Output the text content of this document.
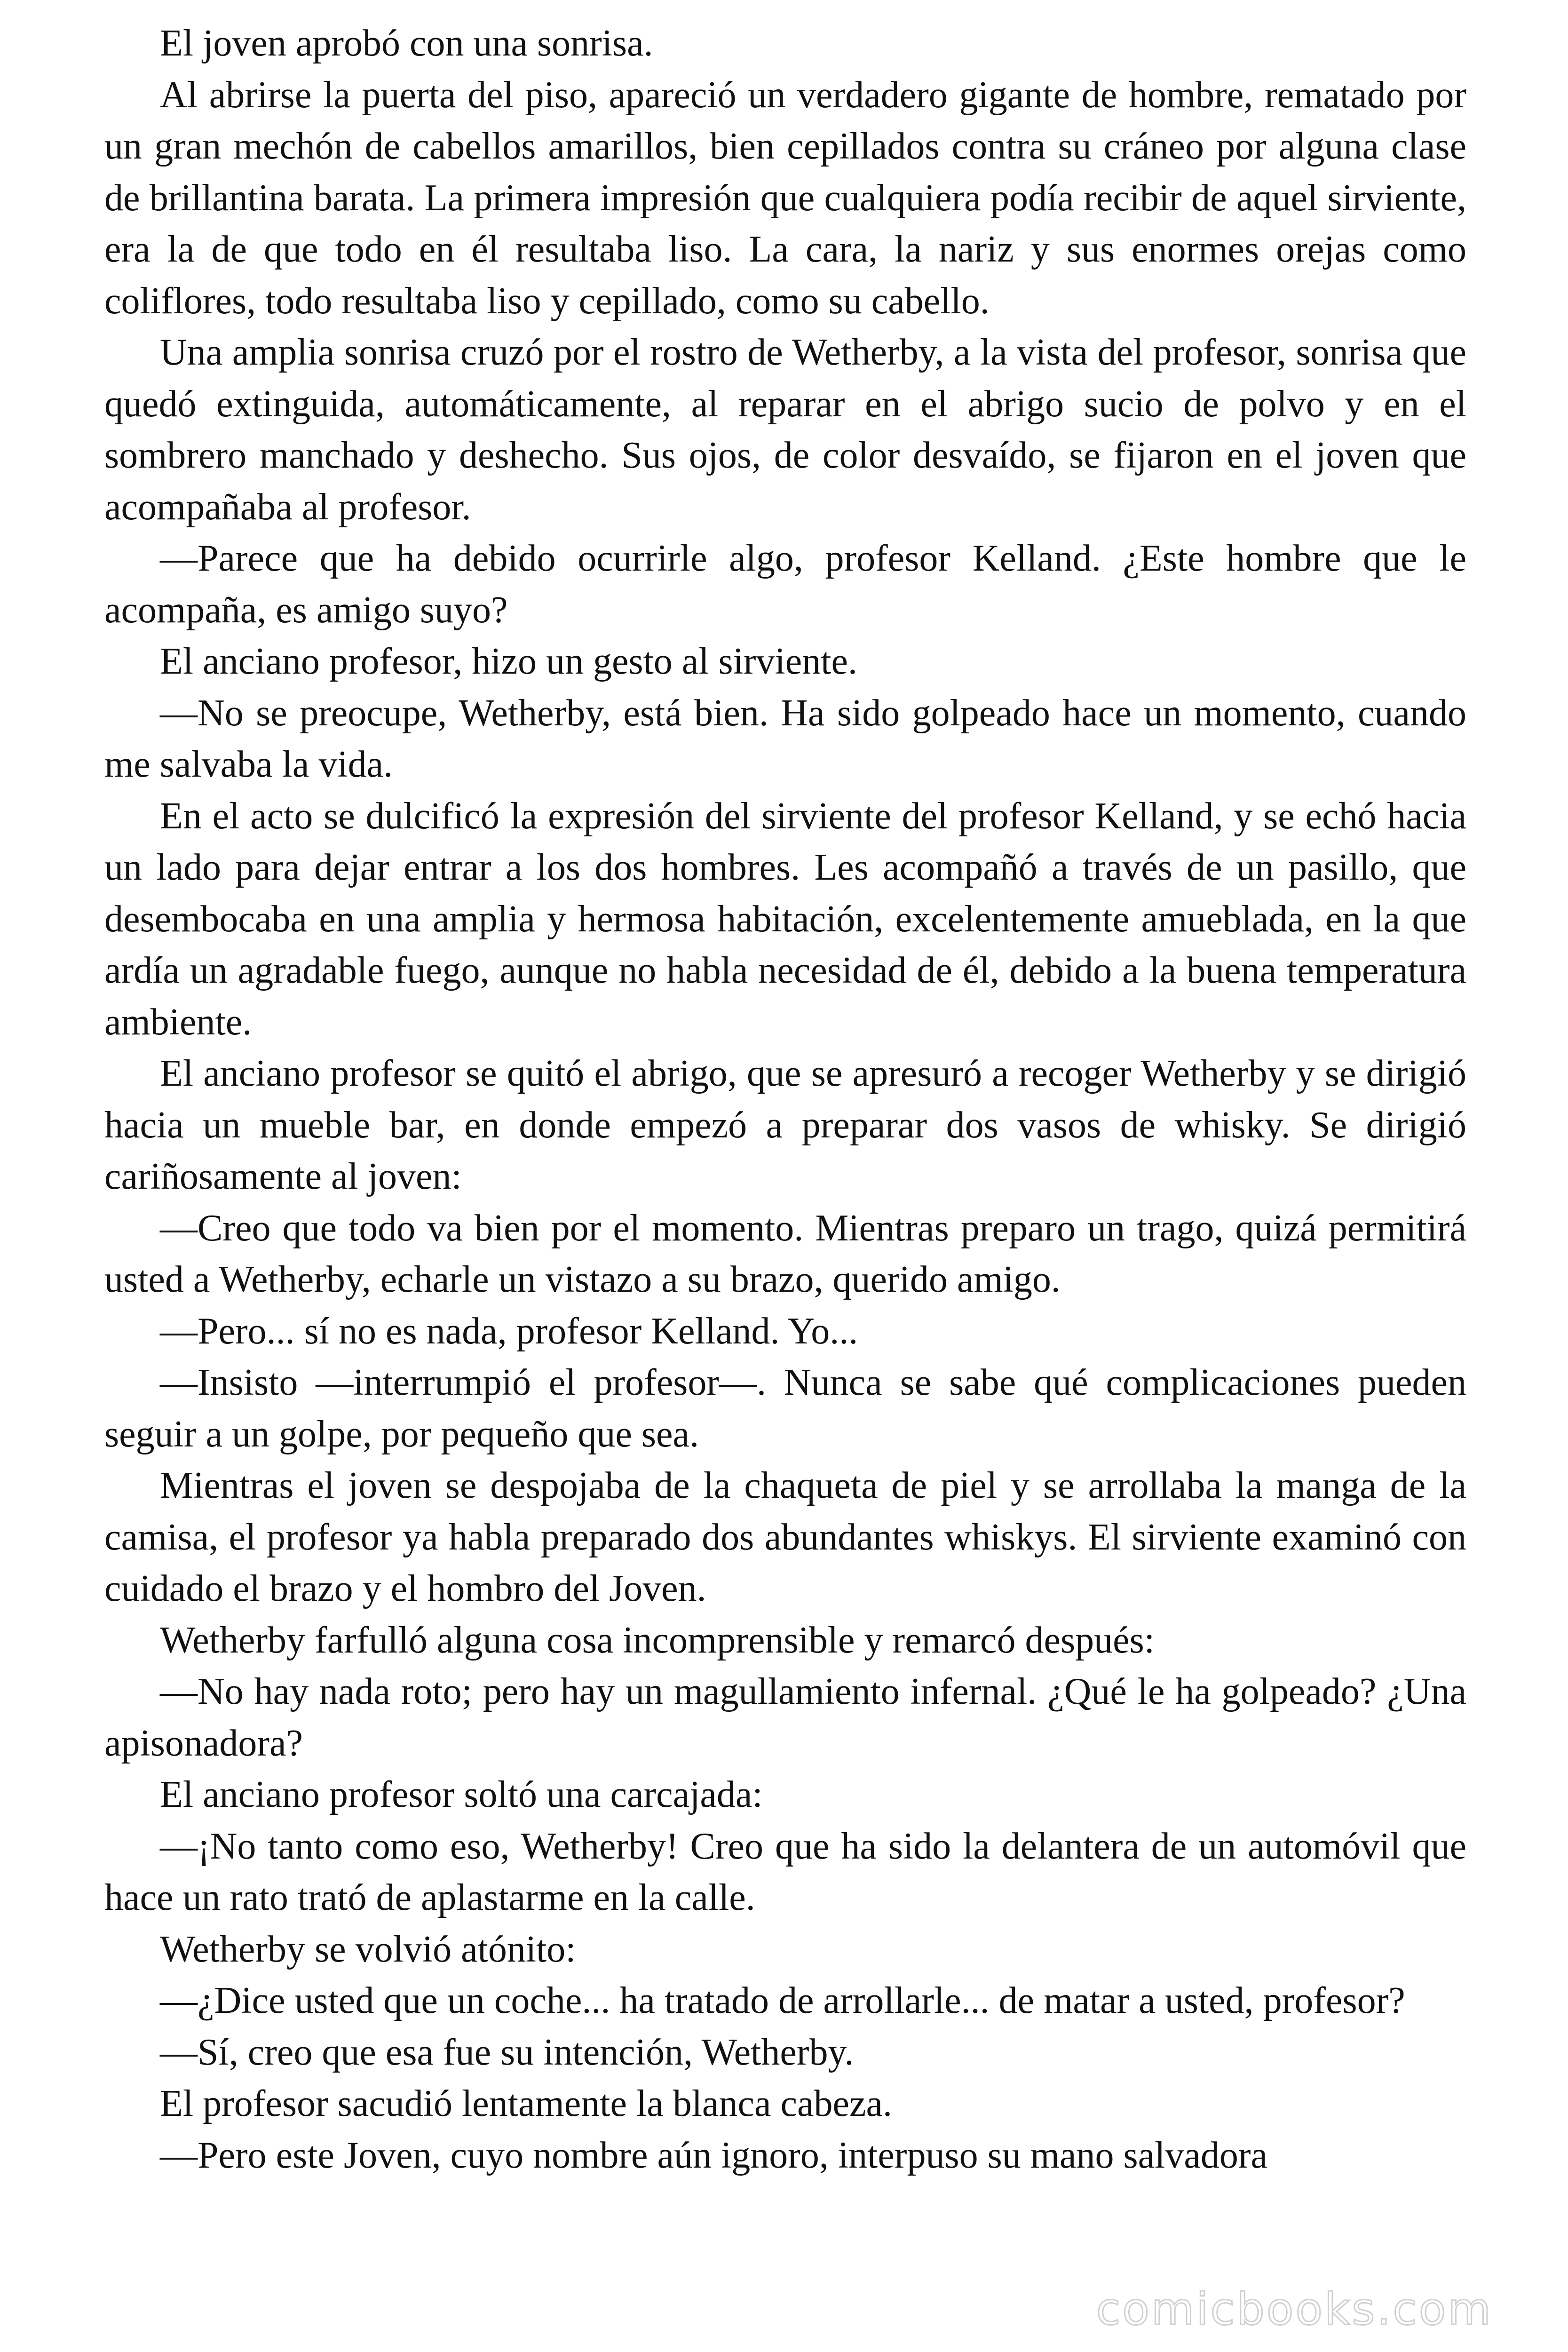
El joven aprobó con una sonrisa.

Al abrirse la puerta del piso, apareció un verdadero gigante de hombre, rematado por un gran mechón de cabellos amarillos, bien cepillados contra su cráneo por alguna clase de brillantina barata. La primera impresión que cualquiera podía recibir de aquel sirviente, era la de que todo en él resultaba liso. La cara, la nariz y sus enormes orejas como coliflores, todo resultaba liso y cepillado, como su cabello.

Una amplia sonrisa cruzó por el rostro de Wetherby, a la vista del profesor, sonrisa que quedó extinguida, automáticamente, al reparar en el abrigo sucio de polvo y en el sombrero manchado y deshecho. Sus ojos, de color desvaído, se fijaron en el joven que acompañaba al profesor.

—Parece que ha debido ocurrirle algo, profesor Kelland. ¿Este hombre que le acompaña, es amigo suyo?

El anciano profesor, hizo un gesto al sirviente.

—No se preocupe, Wetherby, está bien. Ha sido golpeado hace un momento, cuando me salvaba la vida.

En el acto se dulcificó la expresión del sirviente del profesor Kelland, y se echó hacia un lado para dejar entrar a los dos hombres. Les acompañó a través de un pasillo, que desembocaba en una amplia y hermosa habitación, excelentemente amueblada, en la que ardía un agradable fuego, aunque no habla necesidad de él, debido a la buena temperatura ambiente.

El anciano profesor se quitó el abrigo, que se apresuró a recoger Wetherby y se dirigió hacia un mueble bar, en donde empezó a preparar dos vasos de whisky. Se dirigió cariñosamente al joven:

—Creo que todo va bien por el momento. Mientras preparo un trago, quizá permitirá usted a Wetherby, echarle un vistazo a su brazo, querido amigo.

—Pero... sí no es nada, profesor Kelland. Yo...

—Insisto —interrumpió el profesor—. Nunca se sabe qué complicaciones pueden seguir a un golpe, por pequeño que sea.

Mientras el joven se despojaba de la chaqueta de piel y se arrollaba la manga de la camisa, el profesor ya habla preparado dos abundantes whiskys. El sirviente examinó con cuidado el brazo y el hombro del Joven.

Wetherby farfulló alguna cosa incomprensible y remarcó después:

—No hay nada roto; pero hay un magullamiento infernal. ¿Qué le ha golpeado? ¿Una apisonadora?

El anciano profesor soltó una carcajada:

—¡No tanto como eso, Wetherby! Creo que ha sido la delantera de un automóvil que hace un rato trató de aplastarme en la calle.

Wetherby se volvió atónito:

—¿Dice usted que un coche... ha tratado de arrollarle... de matar a usted, profesor?

—Sí, creo que esa fue su intención, Wetherby.

El profesor sacudió lentamente la blanca cabeza.

—Pero este Joven, cuyo nombre aún ignoro, interpuso su mano salvadora

comicbooks.com
